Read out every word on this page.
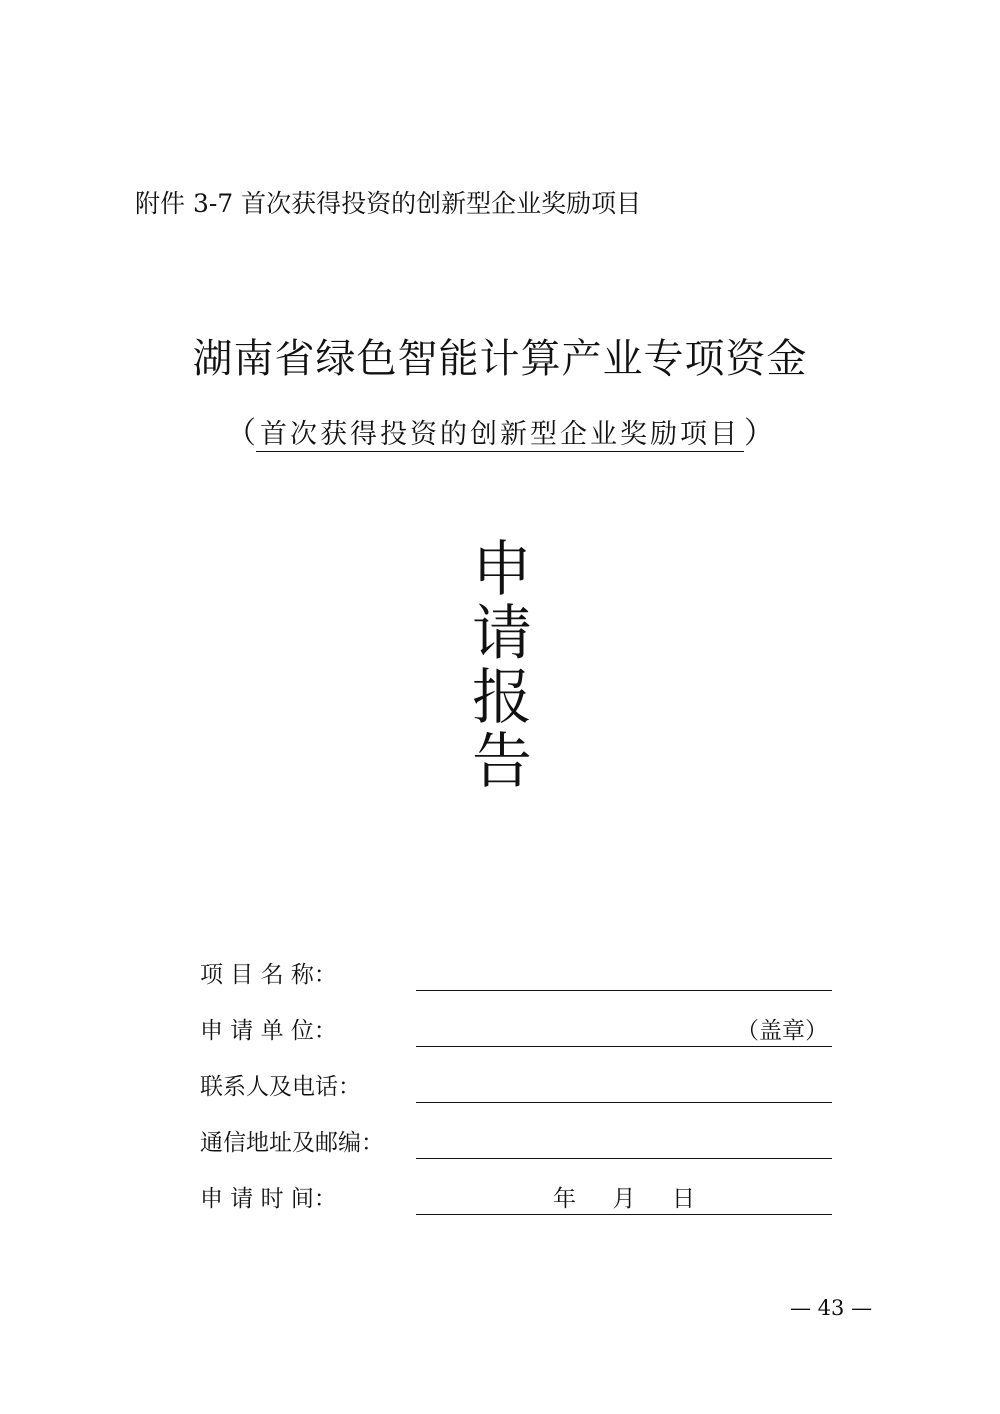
附件 3-7 首次获得投资的创新型企业奖励项目
湖南省绿色智能计算产业专项资金
（ 首次获得投资的创新型企业奖励项目 ）
申
请
报
告
项 目 名 称：
申 请 单 位：	（盖章）
联系人及电话：
通信地址及邮编：
申 请 时 间：	年     月     日
— 43 —
